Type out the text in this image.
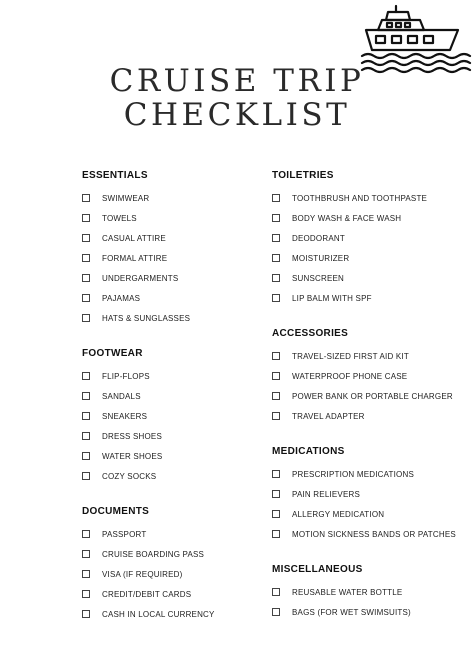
CRUISE TRIP
CHECKLIST
ESSENTIALS
SWIMWEAR
TOWELS
CASUAL ATTIRE
FORMAL ATTIRE
UNDERGARMENTS
PAJAMAS
HATS & SUNGLASSES
FOOTWEAR
FLIP-FLOPS
SANDALS
SNEAKERS
DRESS SHOES
WATER SHOES
COZY SOCKS
DOCUMENTS
PASSPORT
CRUISE BOARDING PASS
VISA (IF REQUIRED)
CREDIT/DEBIT CARDS
CASH IN LOCAL CURRENCY
TOILETRIES
TOOTHBRUSH AND TOOTHPASTE
BODY WASH & FACE WASH
DEODORANT
MOISTURIZER
SUNSCREEN
LIP BALM WITH SPF
ACCESSORIES
TRAVEL-SIZED FIRST AID KIT
WATERPROOF PHONE CASE
POWER BANK OR PORTABLE CHARGER
TRAVEL ADAPTER
MEDICATIONS
PRESCRIPTION MEDICATIONS
PAIN RELIEVERS
ALLERGY MEDICATION
MOTION SICKNESS BANDS OR PATCHES
MISCELLANEOUS
REUSABLE WATER BOTTLE
BAGS (FOR WET SWIMSUITS)
